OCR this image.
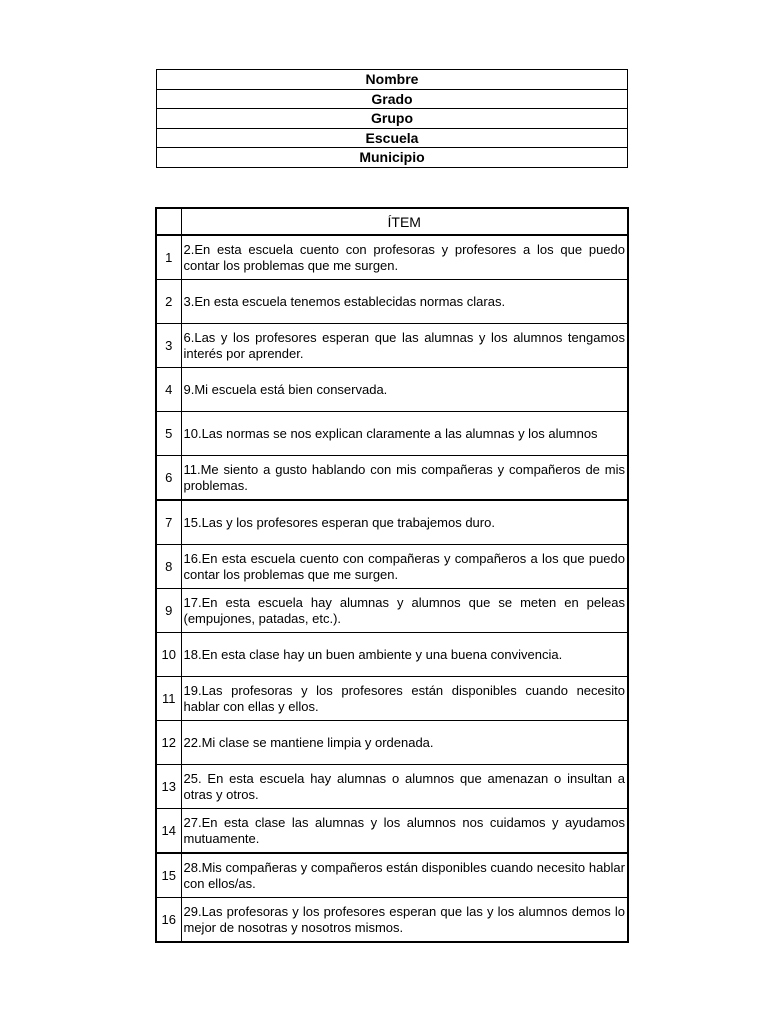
Nombre
Grado
Grupo
Escuela
Municipio
	ÍTEM
1	2.En esta escuela cuento con profesoras y profesores a los que puedo contar los problemas que me surgen.
2	3.En esta escuela tenemos establecidas normas claras.
3	6.Las y los profesores esperan que las alumnas y los alumnos tengamos interés por aprender.
4	9.Mi escuela está bien conservada.
5	10.Las normas se nos explican claramente a las alumnas y los alumnos
6	11.Me siento a gusto hablando con mis compañeras y compañeros de mis problemas.
7	15.Las y los profesores esperan que trabajemos duro.
8	16.En esta escuela cuento con compañeras y compañeros a los que puedo contar los problemas que me surgen.
9	17.En esta escuela hay alumnas y alumnos que se meten en peleas (empujones, patadas, etc.).
10	18.En esta clase hay un buen ambiente y una buena convivencia.
11	19.Las profesoras y los profesores están disponibles cuando necesito hablar con ellas y ellos.
12	22.Mi clase se mantiene limpia y ordenada.
13	25. En esta escuela hay alumnas o alumnos que amenazan o insultan a otras y otros.
14	27.En esta clase las alumnas y los alumnos nos cuidamos y ayudamos mutuamente.
15	28.Mis compañeras y compañeros están disponibles cuando necesito hablar con ellos/as.
16	29.Las profesoras y los profesores esperan que las y los alumnos demos lo mejor de nosotras y nosotros mismos.
